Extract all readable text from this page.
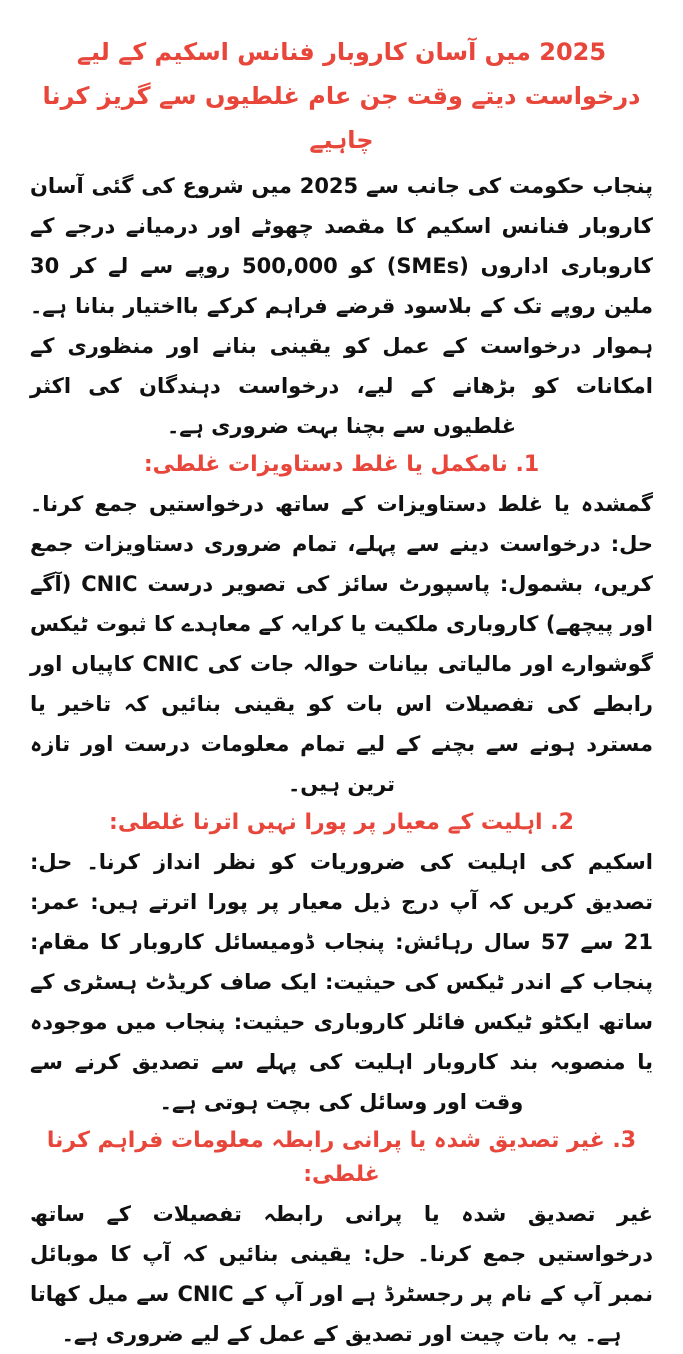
2025 میں آسان کاروبار فنانس اسکیم کے لیے درخواست دیتے وقت جن عام غلطیوں سے گریز کرنا چاہیے

پنجاب حکومت کی جانب سے 2025 میں شروع کی گئی آسان کاروبار فنانس اسکیم کا مقصد چھوٹے اور درمیانے درجے کے کاروباری اداروں (SMEs) کو 500,000 روپے سے لے کر 30 ملین روپے تک کے بلاسود قرضے فراہم کرکے بااختیار بنانا ہے۔ ہموار درخواست کے عمل کو یقینی بنانے اور منظوری کے امکانات کو بڑھانے کے لیے، درخواست دہندگان کی اکثر غلطیوں سے بچنا بہت ضروری ہے۔

1. نامکمل یا غلط دستاویزات غلطی:

گمشدہ یا غلط دستاویزات کے ساتھ درخواستیں جمع کرنا۔ حل: درخواست دینے سے پہلے، تمام ضروری دستاویزات جمع کریں، بشمول: پاسپورٹ سائز کی تصویر درست CNIC (آگے اور پیچھے) کاروباری ملکیت یا کرایہ کے معاہدے کا ثبوت ٹیکس گوشوارے اور مالیاتی بیانات حوالہ جات کی CNIC کاپیاں اور رابطے کی تفصیلات اس بات کو یقینی بنائیں کہ تاخیر یا مسترد ہونے سے بچنے کے لیے تمام معلومات درست اور تازہ ترین ہیں۔

2. اہلیت کے معیار پر پورا نہیں اترنا غلطی:

اسکیم کی اہلیت کی ضروریات کو نظر انداز کرنا۔ حل: تصدیق کریں کہ آپ درج ذیل معیار پر پورا اترتے ہیں: عمر: 21 سے 57 سال رہائش: پنجاب ڈومیسائل کاروبار کا مقام: پنجاب کے اندر ٹیکس کی حیثیت: ایک صاف کریڈٹ ہسٹری کے ساتھ ایکٹو ٹیکس فائلر کاروباری حیثیت: پنجاب میں موجودہ یا منصوبہ بند کاروبار اہلیت کی پہلے سے تصدیق کرنے سے وقت اور وسائل کی بچت ہوتی ہے۔

3. غیر تصدیق شدہ یا پرانی رابطہ معلومات فراہم کرنا غلطی:

غیر تصدیق شدہ یا پرانی رابطہ تفصیلات کے ساتھ درخواستیں جمع کرنا۔ حل: یقینی بنائیں کہ آپ کا موبائل نمبر آپ کے نام پر رجسٹرڈ ہے اور آپ کے CNIC سے میل کھاتا ہے۔ یہ بات چیت اور تصدیق کے عمل کے لیے ضروری ہے۔
